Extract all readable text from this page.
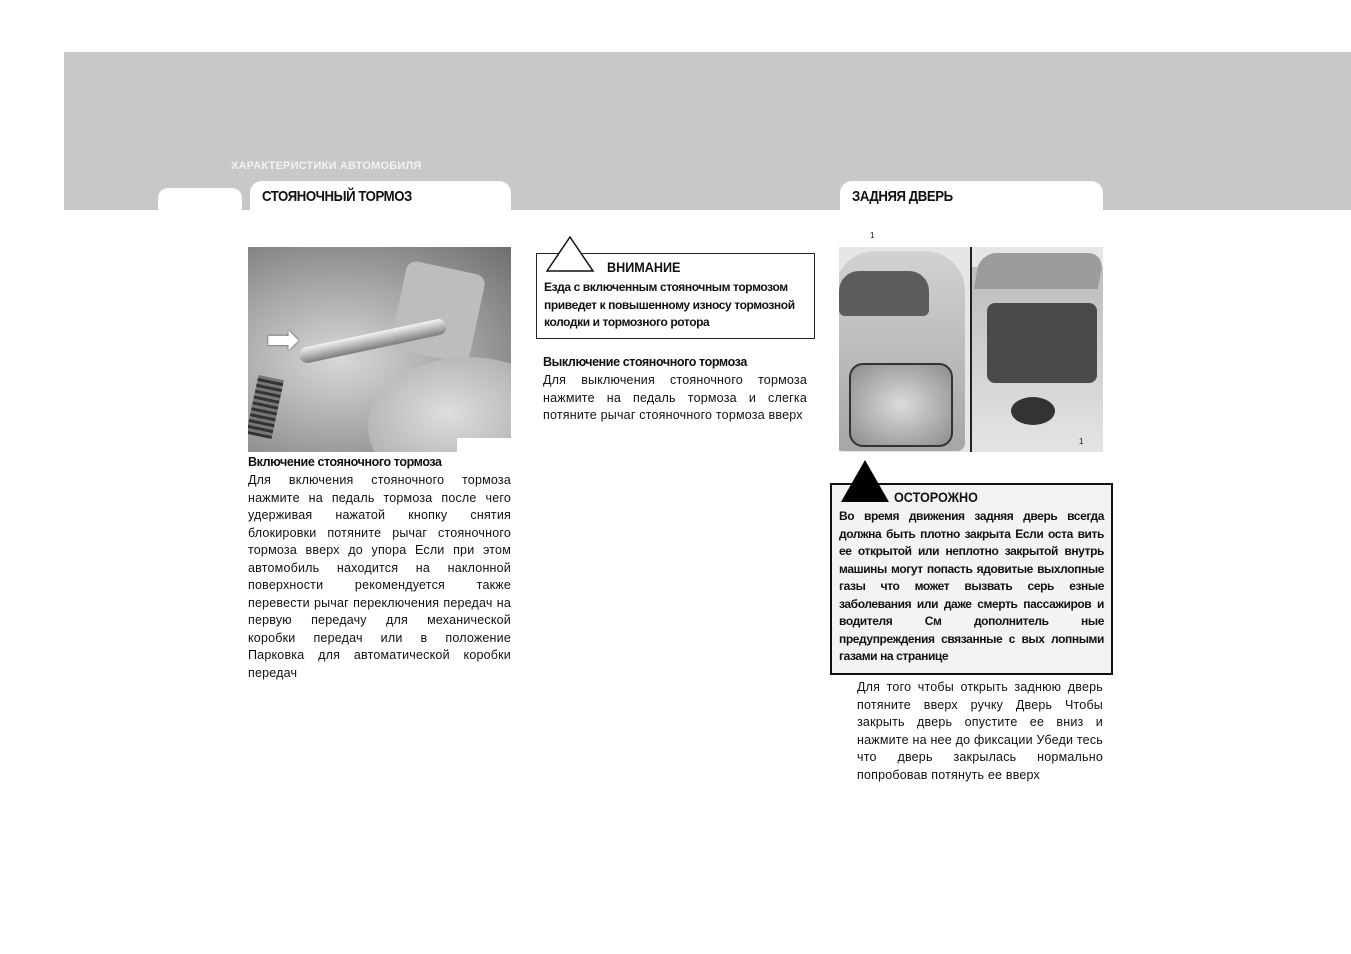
ХАРАКТЕРИСТИКИ АВТОМОБИЛЯ
СТОЯНОЧНЫЙ ТОРМОЗ	ЗАДНЯЯ ДВЕРЬ
➡
Включение стояночного тормоза
Для включения стояночного тормоза нажмите на педаль тормоза после чего удерживая нажатой кнопку снятия блокировки потяните рычаг стояночного тормоза вверх до упора Если при этом автомобиль находится на наклонной поверхности рекомендуется также перевести рычаг переключения передач на первую передачу для механической коробки передач или в положение Парковка для автоматической коробки передач
ВНИМАНИЕ
Езда с включенным стояночным тормозом приведет к повышенному износу тормозной колодки и тормозного ротора
Выключение стояночного тормоза
Для выключения стояночного тормоза нажмите на педаль тормоза и слегка потяните рычаг стояночного тормоза вверх
1
1
ОСТОРОЖНО
Во время движения задняя дверь всегда должна быть плотно закрыта Если оста вить ее открытой или неплотно закрытой внутрь машины могут попасть ядовитые выхлопные газы что может вызвать серь езные заболевания или даже смерть пассажиров и водителя См дополнитель ные предупреждения связанные с вых лопными газами на странице
Для того чтобы открыть заднюю дверь потяните вверх ручку Дверь Чтобы закрыть дверь опустите ее вниз и нажмите на нее до фиксации Убеди тесь что дверь закрылась нормально попробовав потянуть ее вверх
